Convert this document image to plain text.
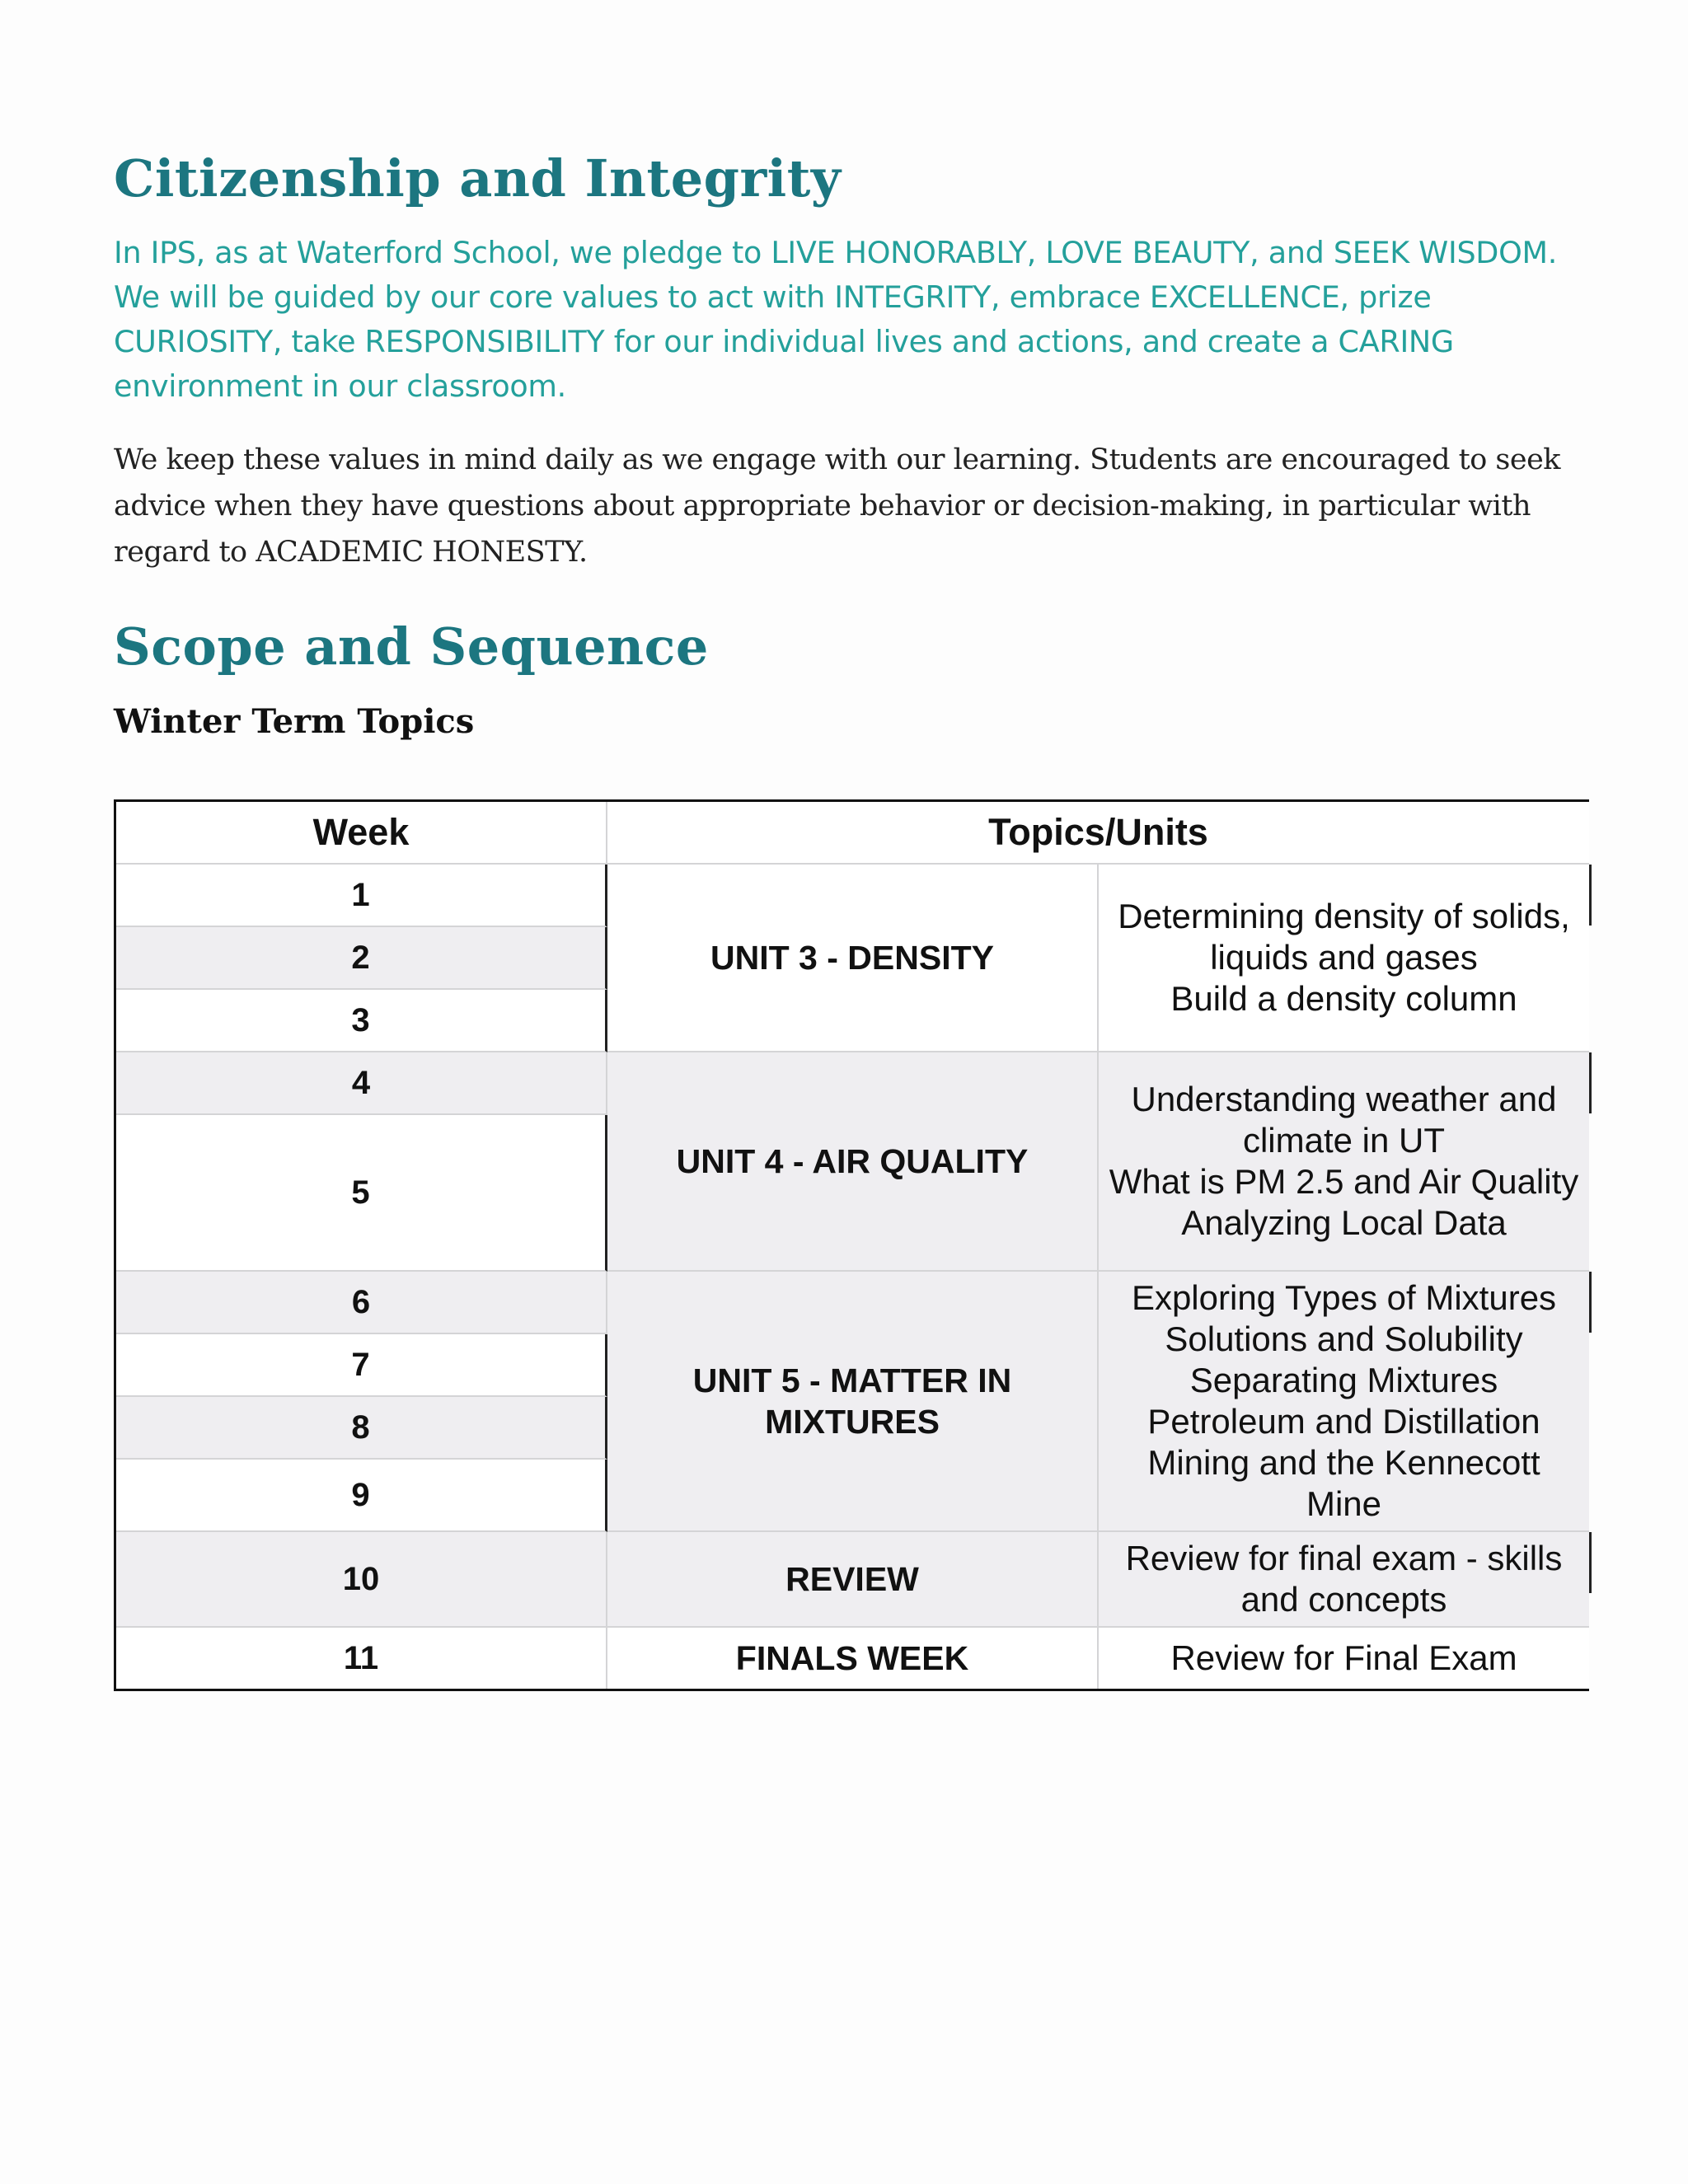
Citizenship and Integrity

In IPS, as at Waterford School, we pledge to LIVE HONORABLY, LOVE BEAUTY, and SEEK WISDOM. We will be guided by our core values to act with INTEGRITY, embrace EXCELLENCE, prize CURIOSITY, take RESPONSIBILITY for our individual lives and actions, and create a CARING environment in our classroom.

We keep these values in mind daily as we engage with our learning. Students are encouraged to seek advice when they have questions about appropriate behavior or decision-making, in particular with regard to ACADEMIC HONESTY.

Scope and Sequence
Winter Term Topics
Week	Topics/Units
1
2
3
4
5
6
7
8
9
10
11
UNIT 3 - DENSITY
UNIT 4 - AIR QUALITY
UNIT 5 - MATTER IN MIXTURES
REVIEW
FINALS WEEK
Determining density of solids, liquids and gases
Build a density column
Understanding weather and climate in UT
What is PM 2.5 and Air Quality
Analyzing Local Data
Exploring Types of Mixtures
Solutions and Solubility
Separating Mixtures
Petroleum and Distillation
Mining and the Kennecott Mine
Review for final exam - skills and concepts
Review for Final Exam
